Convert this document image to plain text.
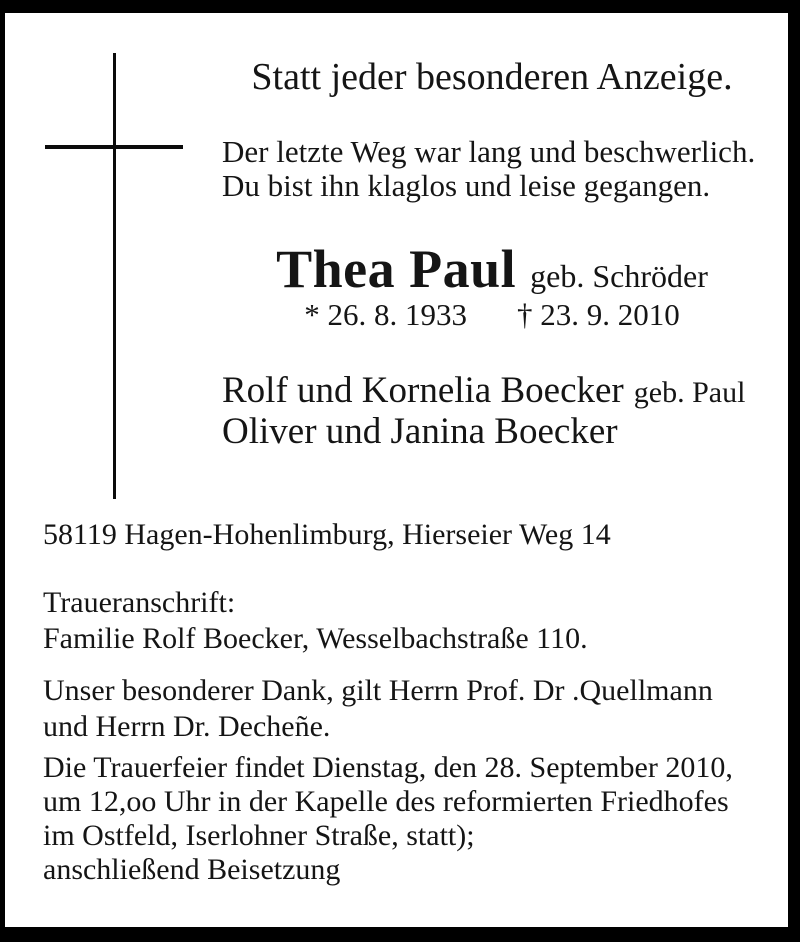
Statt jeder besonderen Anzeige.
Der letzte Weg war lang und beschwerlich.
Du bist ihn klaglos und leise gegangen.
Thea Paul geb. Schröder
* 26. 8. 1933 † 23. 9. 2010
Rolf und Kornelia Boecker geb. Paul
Oliver und Janina Boecker
58119 Hagen-Hohenlimburg, Hierseier Weg 14
Traueranschrift:
Familie Rolf Boecker, Wesselbachstraße 110.
Unser besonderer Dank, gilt Herrn Prof. Dr .Quellmann
und Herrn Dr. Decheñe.
Die Trauerfeier findet Dienstag, den 28. September 2010,
um 12,oo Uhr in der Kapelle des reformierten Friedhofes
im Ostfeld, Iserlohner Straße, statt);
anschließend Beisetzung
